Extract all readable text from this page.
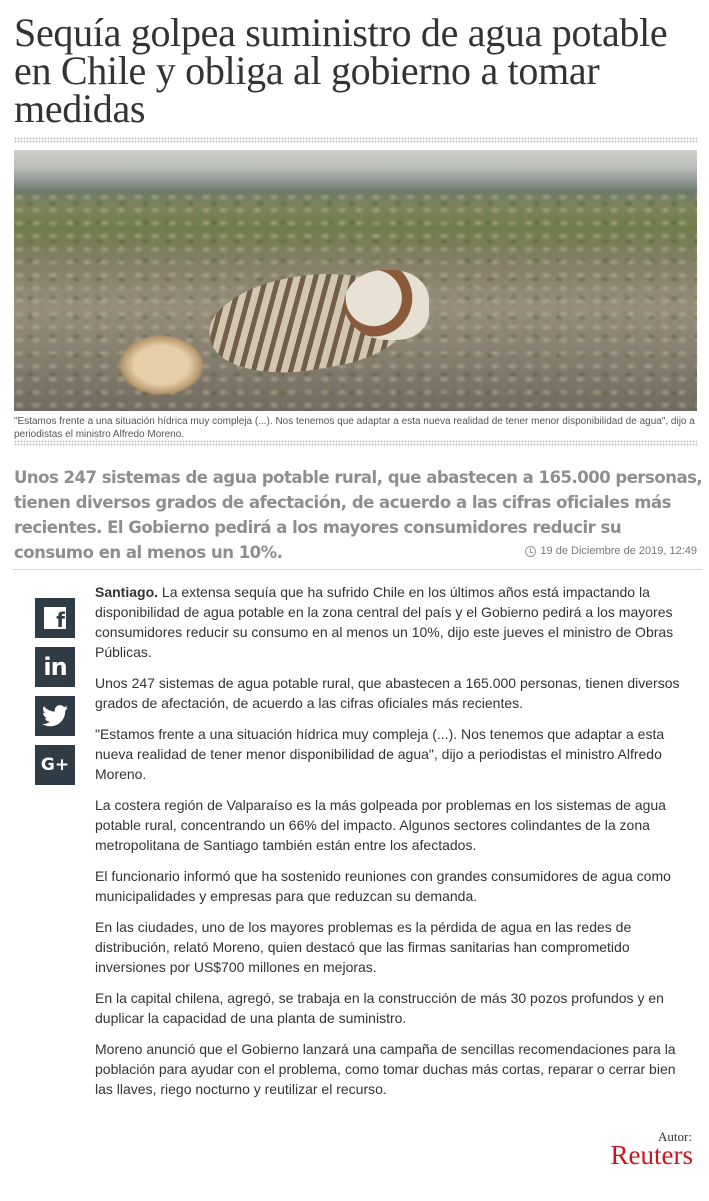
Sequía golpea suministro de agua potable en Chile y obliga al gobierno a tomar medidas

"Estamos frente a una situación hídrica muy compleja (...). Nos tenemos que adaptar a esta nueva realidad de tener menor disponibilidad de agua", dijo a periodistas el ministro Alfredo Moreno.

Unos 247 sistemas de agua potable rural, que abastecen a 165.000 personas, tienen diversos grados de afectación, de acuerdo a las cifras oficiales más recientes. El Gobierno pedirá a los mayores consumidores reducir su consumo en al menos un 10%.	19 de Diciembre de 2019, 12:49
f
in
G+

Santiago. La extensa sequía que ha sufrido Chile en los últimos años está impactando la disponibilidad de agua potable en la zona central del país y el Gobierno pedirá a los mayores consumidores reducir su consumo en al menos un 10%, dijo este jueves el ministro de Obras Públicas.

Unos 247 sistemas de agua potable rural, que abastecen a 165.000 personas, tienen diversos grados de afectación, de acuerdo a las cifras oficiales más recientes.

"Estamos frente a una situación hídrica muy compleja (...). Nos tenemos que adaptar a esta nueva realidad de tener menor disponibilidad de agua", dijo a periodistas el ministro Alfredo Moreno.

La costera región de Valparaíso es la más golpeada por problemas en los sistemas de agua potable rural, concentrando un 66% del impacto. Algunos sectores colindantes de la zona metropolitana de Santiago también están entre los afectados.

El funcionario informó que ha sostenido reuniones con grandes consumidores de agua como municipalidades y empresas para que reduzcan su demanda.

En las ciudades, uno de los mayores problemas es la pérdida de agua en las redes de distribución, relató Moreno, quien destacó que las firmas sanitarias han comprometido inversiones por US$700 millones en mejoras.

En la capital chilena, agregó, se trabaja en la construcción de más 30 pozos profundos y en duplicar la capacidad de una planta de suministro.

Moreno anunció que el Gobierno lanzará una campaña de sencillas recomendaciones para la población para ayudar con el problema, como tomar duchas más cortas, reparar o cerrar bien las llaves, riego nocturno y reutilizar el recurso.

Autor:
Reuters
